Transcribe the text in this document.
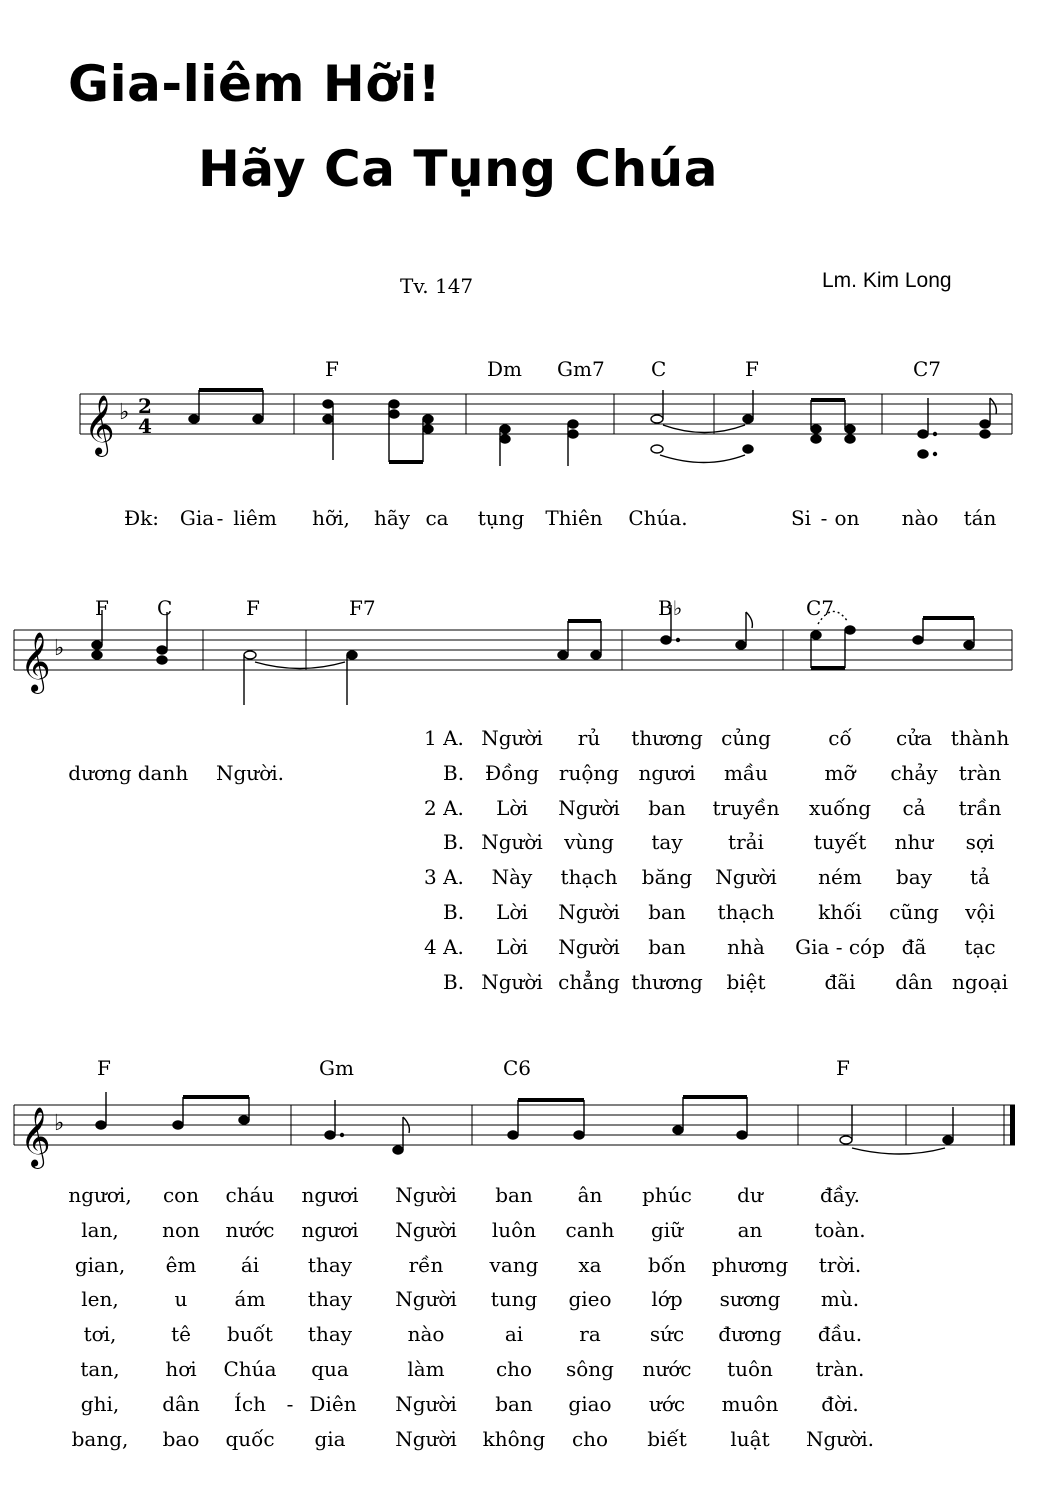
Gia-liêm Hỡi!
Hãy Ca Tụng Chúa
Tv. 147	Lm. Kim Long
𝄞 ♭ 2
4
F	Dm Gm7 C	F	C7
Đk: Gia - liêm hỡi, hãy ca tụng Thiên Chúa.	Si - on nào tán
𝄞 ♭
F C	F	F7	B♭	C7
dương danh Người.
1 A. Người rủ thương củng	cố cửa thành
B. Đồng ruộng ngươi mầu	mỡ chảy tràn
2 A. Lời Người ban truyền xuống cả trần
B. Người vùng tay trải tuyết như sợi
3 A. Này thạch băng Người ném bay tả
B. Lời Người ban thạch khối cũng vội
4 A. Lời Người ban nhà Gia - cóp đã tạc
B. Người chẳng thương biệt	đãi dân ngoại
𝄞 ♭
F	Gm	C6	F
ngươi, con cháu ngươi Người ban ân phúc dư	đầy.
lan, non nước ngươi Người luôn canh giữ	an	toàn.
gian, êm ái thay	rền vang xa bốn phương trời.
len,	u ám thay Người tung gieo lớp sương mù.
tơi,	tê buốt thay	nào	ai	ra sức đương đầu.
tan, hơi Chúa qua	làm	cho sông nước tuôn tràn.
ghi, dân Ích - Diên Người ban giao ước muôn đời.
bang, bao quốc gia Người không cho biết luật Người.
